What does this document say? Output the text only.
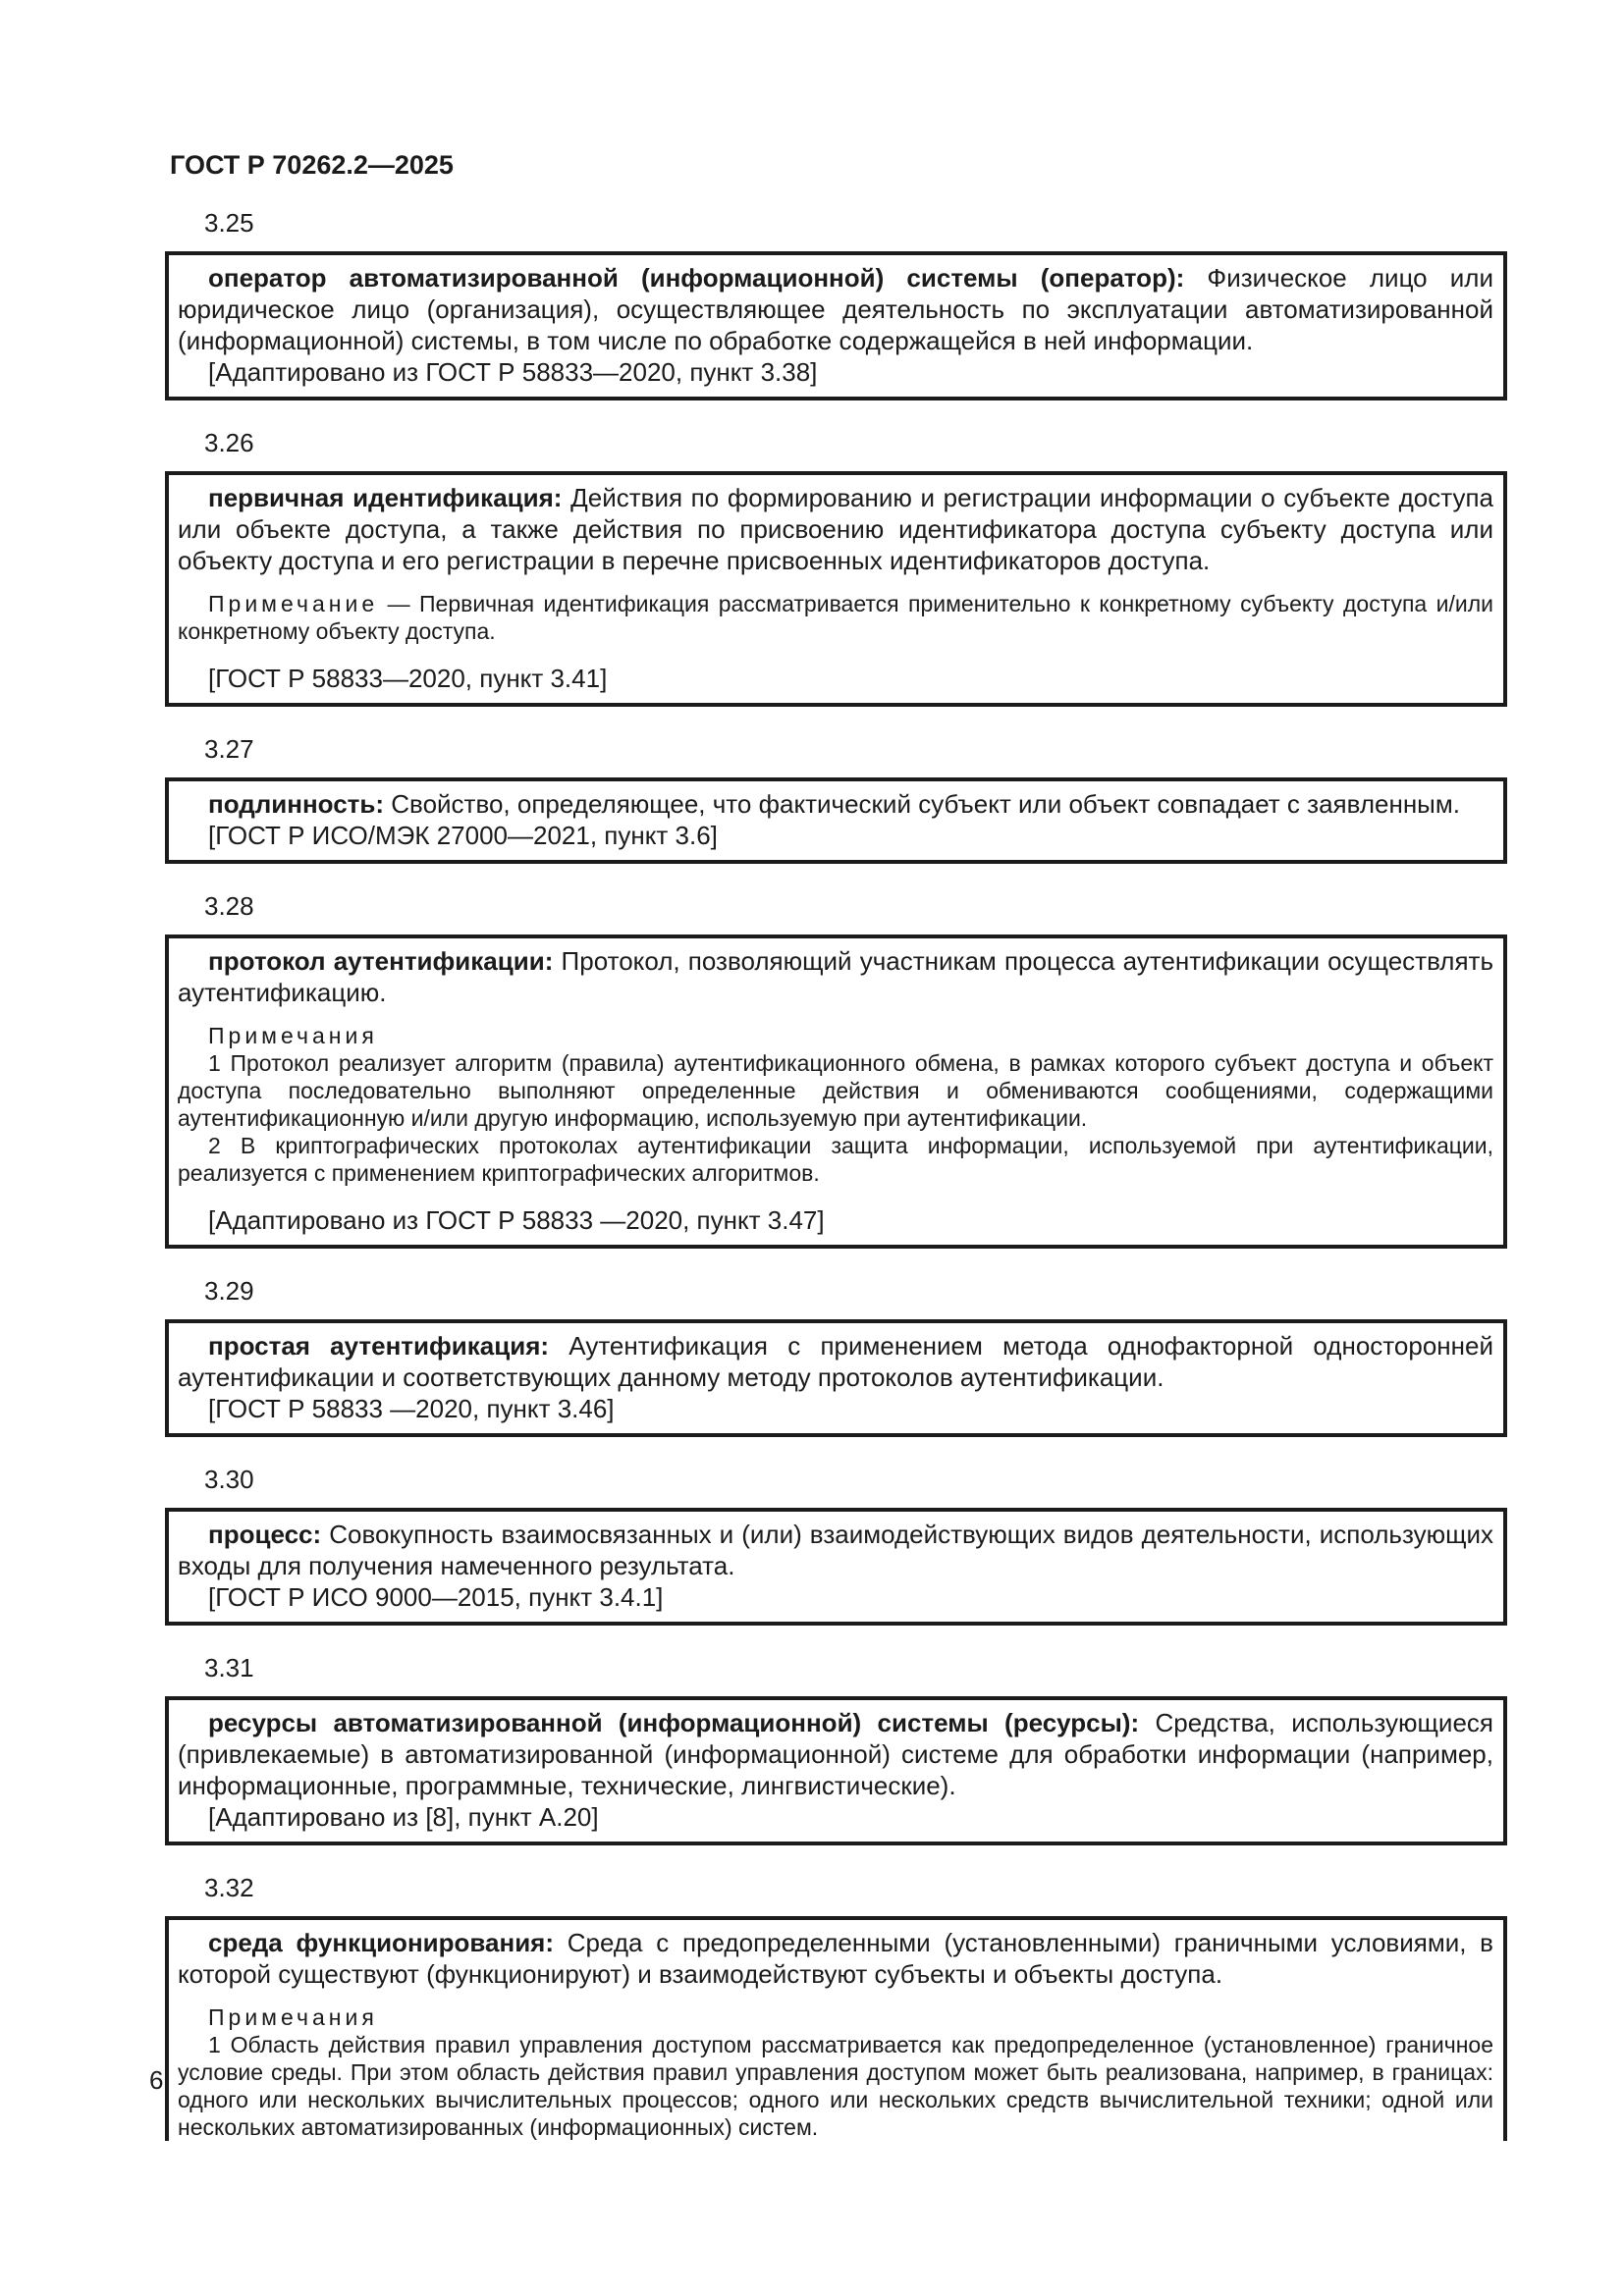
ГОСТ Р 70262.2—2025
3.25

оператор автоматизированной (информационной) системы (оператор): Физическое лицо или юридическое лицо (организация), осуществляющее деятельность по эксплуатации автоматизированной (информационной) системы, в том числе по обработке содержащейся в ней информации.

[Адаптировано из ГОСТ Р 58833—2020, пункт 3.38]

3.26

первичная идентификация: Действия по формированию и регистрации информации о субъекте доступа или объекте доступа, а также действия по присвоению идентификатора доступа субъекту доступа или объекту доступа и его регистрации в перечне присвоенных идентификаторов доступа.

Примечание — Первичная идентификация рассматривается применительно к конкретному субъекту доступа и/или конкретному объекту доступа.

[ГОСТ Р 58833—2020, пункт 3.41]

3.27

подлинность: Свойство, определяющее, что фактический субъект или объект совпадает с заявленным.

[ГОСТ Р ИСО/МЭК 27000—2021, пункт 3.6]

3.28

протокол аутентификации: Протокол, позволяющий участникам процесса аутентификации осуществлять аутентификацию.

Примечания

1 Протокол реализует алгоритм (правила) аутентификационного обмена, в рамках которого субъект доступа и объект доступа последовательно выполняют определенные действия и обмениваются сообщениями, содержащими аутентификационную и/или другую информацию, используемую при аутентификации.

2 В криптографических протоколах аутентификации защита информации, используемой при аутентификации, реализуется с применением криптографических алгоритмов.

[Адаптировано из ГОСТ Р 58833 —2020, пункт 3.47]

3.29

простая аутентификация: Аутентификация с применением метода однофакторной односторонней аутентификации и соответствующих данному методу протоколов аутентификации.

[ГОСТ Р 58833 —2020, пункт 3.46]

3.30

процесс: Совокупность взаимосвязанных и (или) взаимодействующих видов деятельности, использующих входы для получения намеченного результата.

[ГОСТ Р ИСО 9000—2015, пункт 3.4.1]

3.31

ресурсы автоматизированной (информационной) системы (ресурсы): Средства, использующиеся (привлекаемые) в автоматизированной (информационной) системе для обработки информации (например, информационные, программные, технические, лингвистические).

[Адаптировано из [8], пункт А.20]

3.32

среда функционирования: Среда с предопределенными (установленными) граничными условиями, в которой существуют (функционируют) и взаимодействуют субъекты и объекты доступа.

Примечания

1 Область действия правил управления доступом рассматривается как предопределенное (установленное) граничное условие среды. При этом область действия правил управления доступом может быть реализована, например, в границах: одного или нескольких вычислительных процессов; одного или нескольких средств вычислительной техники; одной или нескольких автоматизированных (информационных) систем.

6
